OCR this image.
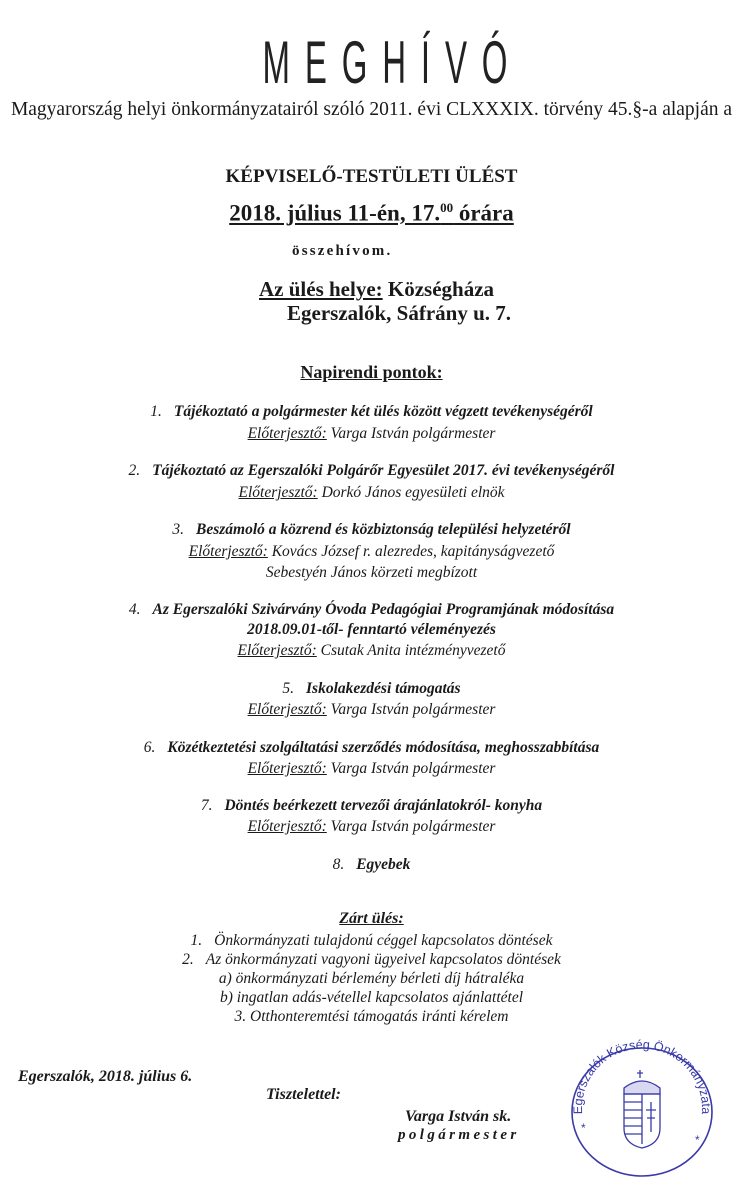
MEGHÍVÓ
Magyarország helyi önkormányzatairól szóló 2011. évi CLXXXIX. törvény 45.§-a alapján a
KÉPVISELŐ-TESTÜLETI ÜLÉST
2018. július 11-én, 17.00 órára
összehívom.
Az ülés helye: Községháza
Egerszalók, Sáfrány u. 7.
Napirendi pontok:
1. Tájékoztató a polgármester két ülés között végzett tevékenységéről
Előterjesztő: Varga István polgármester
2. Tájékoztató az Egerszalóki Polgárőr Egyesület 2017. évi tevékenységéről
Előterjesztő: Dorkó János egyesületi elnök
3. Beszámoló a közrend és közbiztonság települési helyzetéről
Előterjesztő: Kovács József r. alezredes, kapitányságvezető
Sebestyén János körzeti megbízott
4. Az Egerszalóki Szivárvány Óvoda Pedagógiai Programjának módosítása
2018.09.01-től- fenntartó véleményezés
Előterjesztő: Csutak Anita intézményvezető
5. Iskolakezdési támogatás
Előterjesztő: Varga István polgármester
6. Közétkeztetési szolgáltatási szerződés módosítása, meghosszabbítása
Előterjesztő: Varga István polgármester
7. Döntés beérkezett tervezői árajánlatokról- konyha
Előterjesztő: Varga István polgármester
8. Egyebek
Zárt ülés:
1. Önkormányzati tulajdonú céggel kapcsolatos döntések
2. Az önkormányzati vagyoni ügyeivel kapcsolatos döntések
a) önkormányzati bérlemény bérleti díj hátraléka
b) ingatlan adás-vétellel kapcsolatos ajánlattétel
3. Otthonteremtési támogatás iránti kérelem
Egerszalók, 2018. július 6.
Tisztelettel:
Varga István sk.
polgármester
Egerszalók Község Önkormányzata
*
*
